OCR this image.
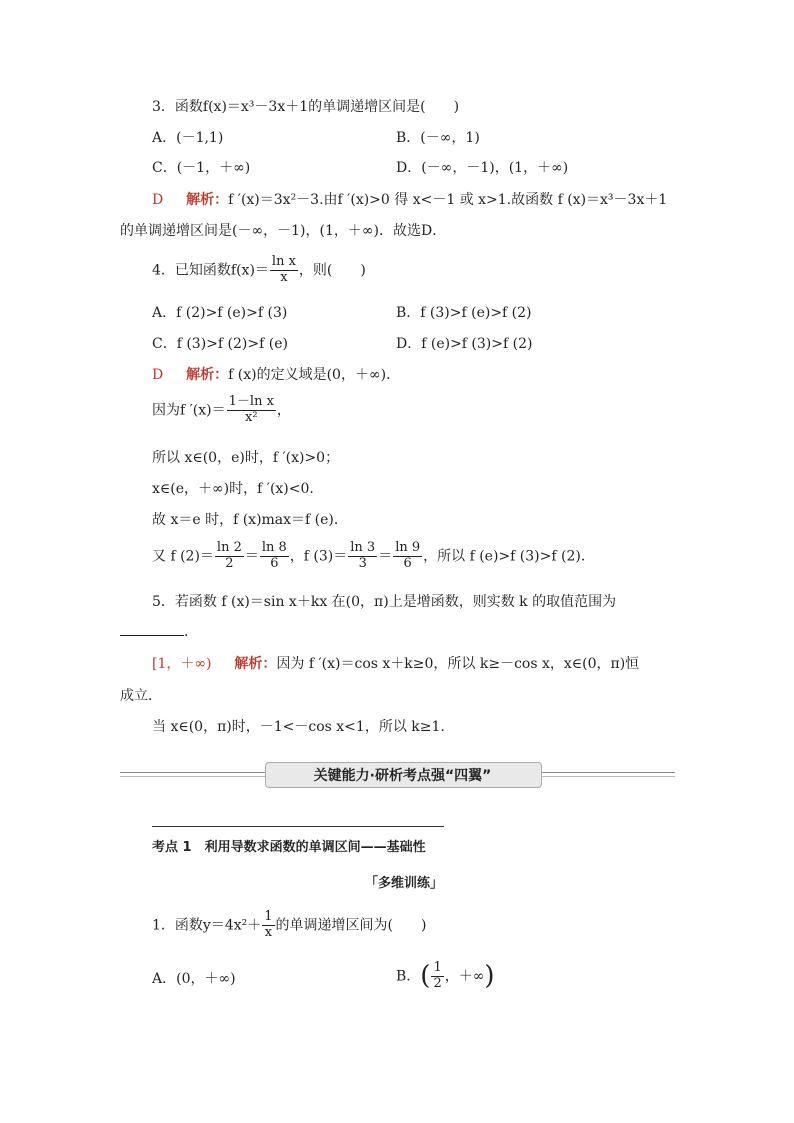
3．函数f(x)＝x³－3x＋1的单调递增区间是(　　)
A．(－1,1)	B．(－∞，1)
C．(－1，＋∞)	D．(－∞，－1)，(1，＋∞)
D 解析：f ′(x)＝3x²－3.由f ′(x)>0 得 x<－1 或 x>1.故函数 f (x)＝x³－3x＋1
的单调递增区间是(－∞，－1)，(1，＋∞)．故选D．
4．已知函数$f(x)= \frac{\text{ln x}}{x}$ ，则(　　)
A．f (2)>f (e)>f (3)	B．f (3)>f (e)>f (2)
C．f (3)>f (2)>f (e)	D．f (e)>f (3)>f (2)
D 解析：f (x)的定义域是(0，＋∞)．
因为f $'(x)= \frac{\text{1－ln x}}{\text{x²}}$ ，
所以 x∈(0，e)时，f ′(x)>0；
x∈(e，＋∞)时，f ′(x)<0.
故 x＝e 时，f (x)max＝f (e)．
又 f $(2)= \frac{\ln 2}{2} = \frac{\ln 8}{6}$ ，f $(3)= \frac{\ln 3}{3} = \frac{\ln 9}{6}$ ，所以 f (e)>f (3)>f (2)．
5．若函数 f (x)＝sin x＋kx 在(0，π)上是增函数，则实数 k 的取值范围为
．
[1，＋∞) 解析：因为 f ′(x)＝cos x＋k≥0，所以 k≥－cos x，x∈(0，π)恒
成立．
当 x∈(0，π)时，－1<－cos x<1，所以 k≥1.
关键能力·研析考点强“四翼”
考点 1　利用导数求函数的单调区间——基础性
「多维训练」
1．函数$y=4x^2+ \frac{1}{x}$ 的单调递增区间为(　　)
A．(0，＋∞)	B．( $\frac{1}{2}$ ，＋∞)
